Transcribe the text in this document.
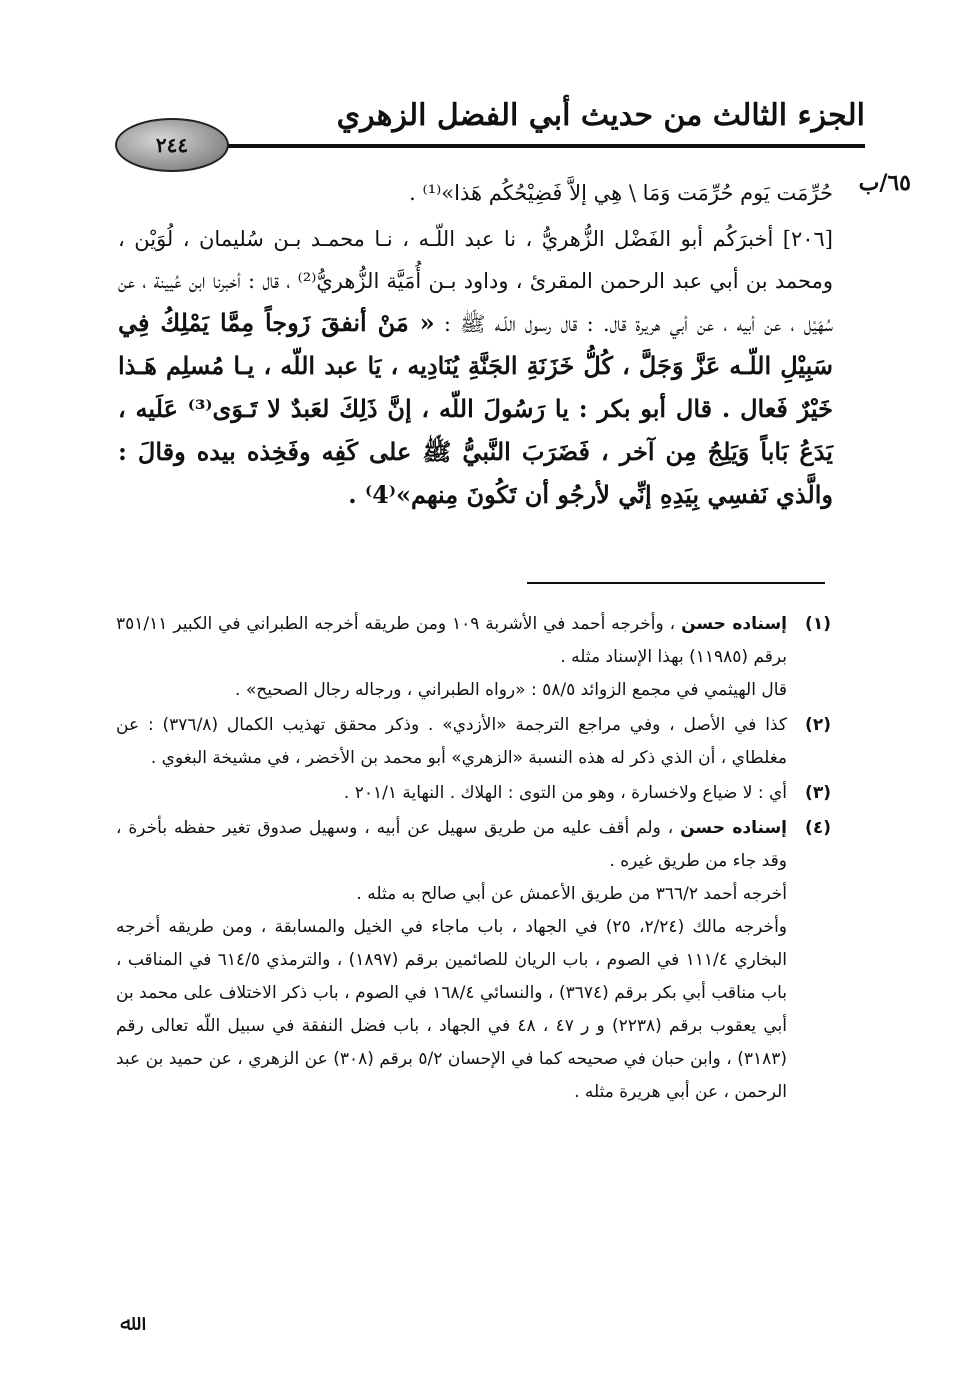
الجزء الثالث من حديث أبي الفضل الزهري
٢٤٤
٦٥/ب

حُرِّمَت يَوم حُرِّمَت وَمَا \ هِي إلاَّ فَضِيْحُكُم هَذا»⁽¹⁾ .

[٢٠٦] أخبرَكُم أبو الفَضْل الزُّهريُّ ، نا عبد اللّـه ، نـا محمـد بـن سُليمان ، لُوَيْن ، ومحمد بن أبي عبد الرحمن المقرئ ، وداود بـن أُمَيَّة الزُّهريُّ⁽²⁾ ، قال : أخبرنا ابن عُيينة ، عن سُهَيْل ، عن أبيه ، عن أبي هريرة قال. : قال رسول اللّـه ﷺ : « مَنْ أنفقَ زَوجاً مِمَّا يَمْلِكُ فِي سَبِيْلِ اللّـه عَزَّ وَجَلَّ ، كُلُّ خَزَنَةِ الجَنَّةِ يُنَادِيه ، يَا عبد اللّه ، يـا مُسلِم هَـذا خَيْرٌ فَعال . قال أبو بكر : يا رَسُولَ اللّه ، إنَّ ذَلِكَ لعَبدٌ لا تَـوَى⁽³⁾ عَلَيه ، يَدَعُ بَاباً وَيَلِجُ مِن آخر ، فَضَرَبَ النَّبيُّ ﷺ على كَفِه وفَخِذه بيده وقالَ : والَّذي نَفسِي بِيَدِهِ إنِّي لأرجُو أن تَكُونَ مِنهم»⁽4⁾ .

(١)

إسناده حسن ، وأخرجه أحمد في الأشربة ١٠٩ ومن طريقه أخرجه الطبراني في الكبير ٣٥١/١١ برقم (١١٩٨٥) بهذا الإسناد مثله .

قال الهيثمي في مجمع الزوائد ٥٨/٥ : «رواه الطبراني ، ورجاله رجال الصحيح» .

(٢)

كذا في الأصل ، وفي مراجع الترجمة «الأزدي» . وذكر محقق تهذيب الكمال (٣٧٦/٨) : عن مغلطاي ، أن الذي ذكر له هذه النسبة «الزهري» أبو محمد بن الأخضر ، في مشيخة البغوي .

(٣)

أي : لا ضياع ولاخسارة ، وهو من التوى : الهلاك . النهاية ٢٠١/١ .

(٤)

إسناده حسن ، ولم أقف عليه من طريق سهيل عن أبيه ، وسهيل صدوق تغير حفظه بأخرة ، وقد جاء من طريق غيره .

أخرجه أحمد ٣٦٦/٢ من طريق الأعمش عن أبي صالح به مثله .

وأخرجه مالك (٢/٢٤، ٢٥) في الجهاد ، باب ماجاء في الخيل والمسابقة ، ومن طريقه أخرجه البخاري ١١١/٤ في الصوم ، باب الريان للصائمين برقم (١٨٩٧) ، والترمذي ٦١٤/٥ في المناقب ، باب مناقب أبي بكر برقم (٣٦٧٤) ، والنسائي ١٦٨/٤ في الصوم ، باب ذكر الاختلاف على محمد بن أبي يعقوب برقم (٢٢٣٨) و ر ٤٧ ، ٤٨ في الجهاد ، باب فضل النفقة في سبيل اللّه تعالى رقم (٣١٨٣) ، وابن حبان في صحيحه كما في الإحسان ٥/٢ برقم (٣٠٨) عن الزهري ، عن حميد بن عبد الرحمن ، عن أبي هريرة مثله .

ﷲ
